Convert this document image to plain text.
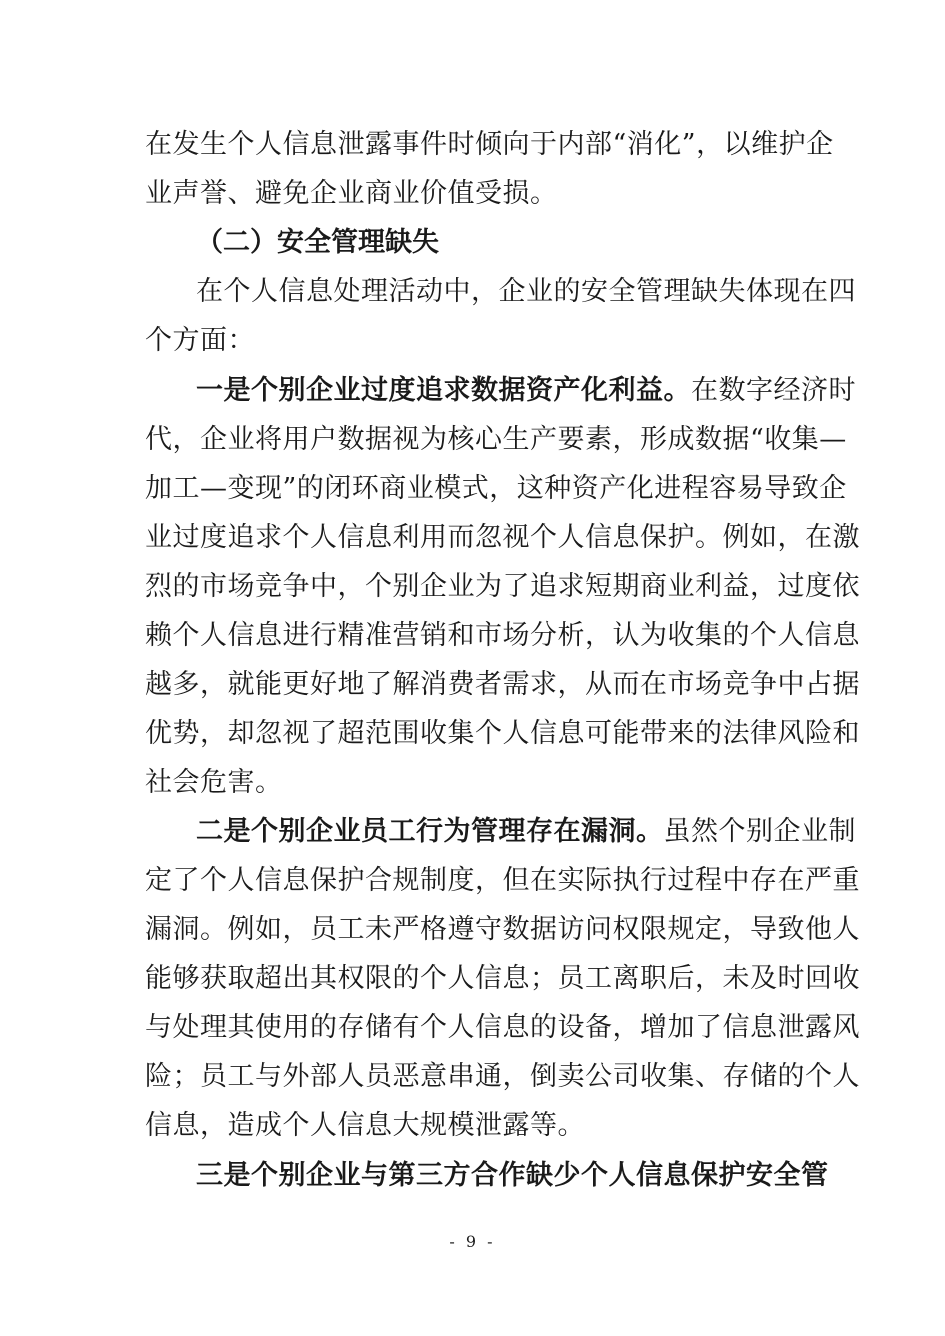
在发生个人信息泄露事件时倾向于内部“消化”，以维护企
业声誉、避免企业商业价值受损。
（二）安全管理缺失
在个人信息处理活动中，企业的安全管理缺失体现在四
个方面：
一是个别企业过度追求数据资产化利益。在数字经济时
代，企业将用户数据视为核心生产要素，形成数据“收集—
加工—变现”的闭环商业模式，这种资产化进程容易导致企
业过度追求个人信息利用而忽视个人信息保护。例如，在激
烈的市场竞争中，个别企业为了追求短期商业利益，过度依
赖个人信息进行精准营销和市场分析，认为收集的个人信息
越多，就能更好地了解消费者需求，从而在市场竞争中占据
优势，却忽视了超范围收集个人信息可能带来的法律风险和
社会危害。
二是个别企业员工行为管理存在漏洞。虽然个别企业制
定了个人信息保护合规制度，但在实际执行过程中存在严重
漏洞。例如，员工未严格遵守数据访问权限规定，导致他人
能够获取超出其权限的个人信息；员工离职后，未及时回收
与处理其使用的存储有个人信息的设备，增加了信息泄露风
险；员工与外部人员恶意串通，倒卖公司收集、存储的个人
信息，造成个人信息大规模泄露等。
三是个别企业与第三方合作缺少个人信息保护安全管
- 9 -
